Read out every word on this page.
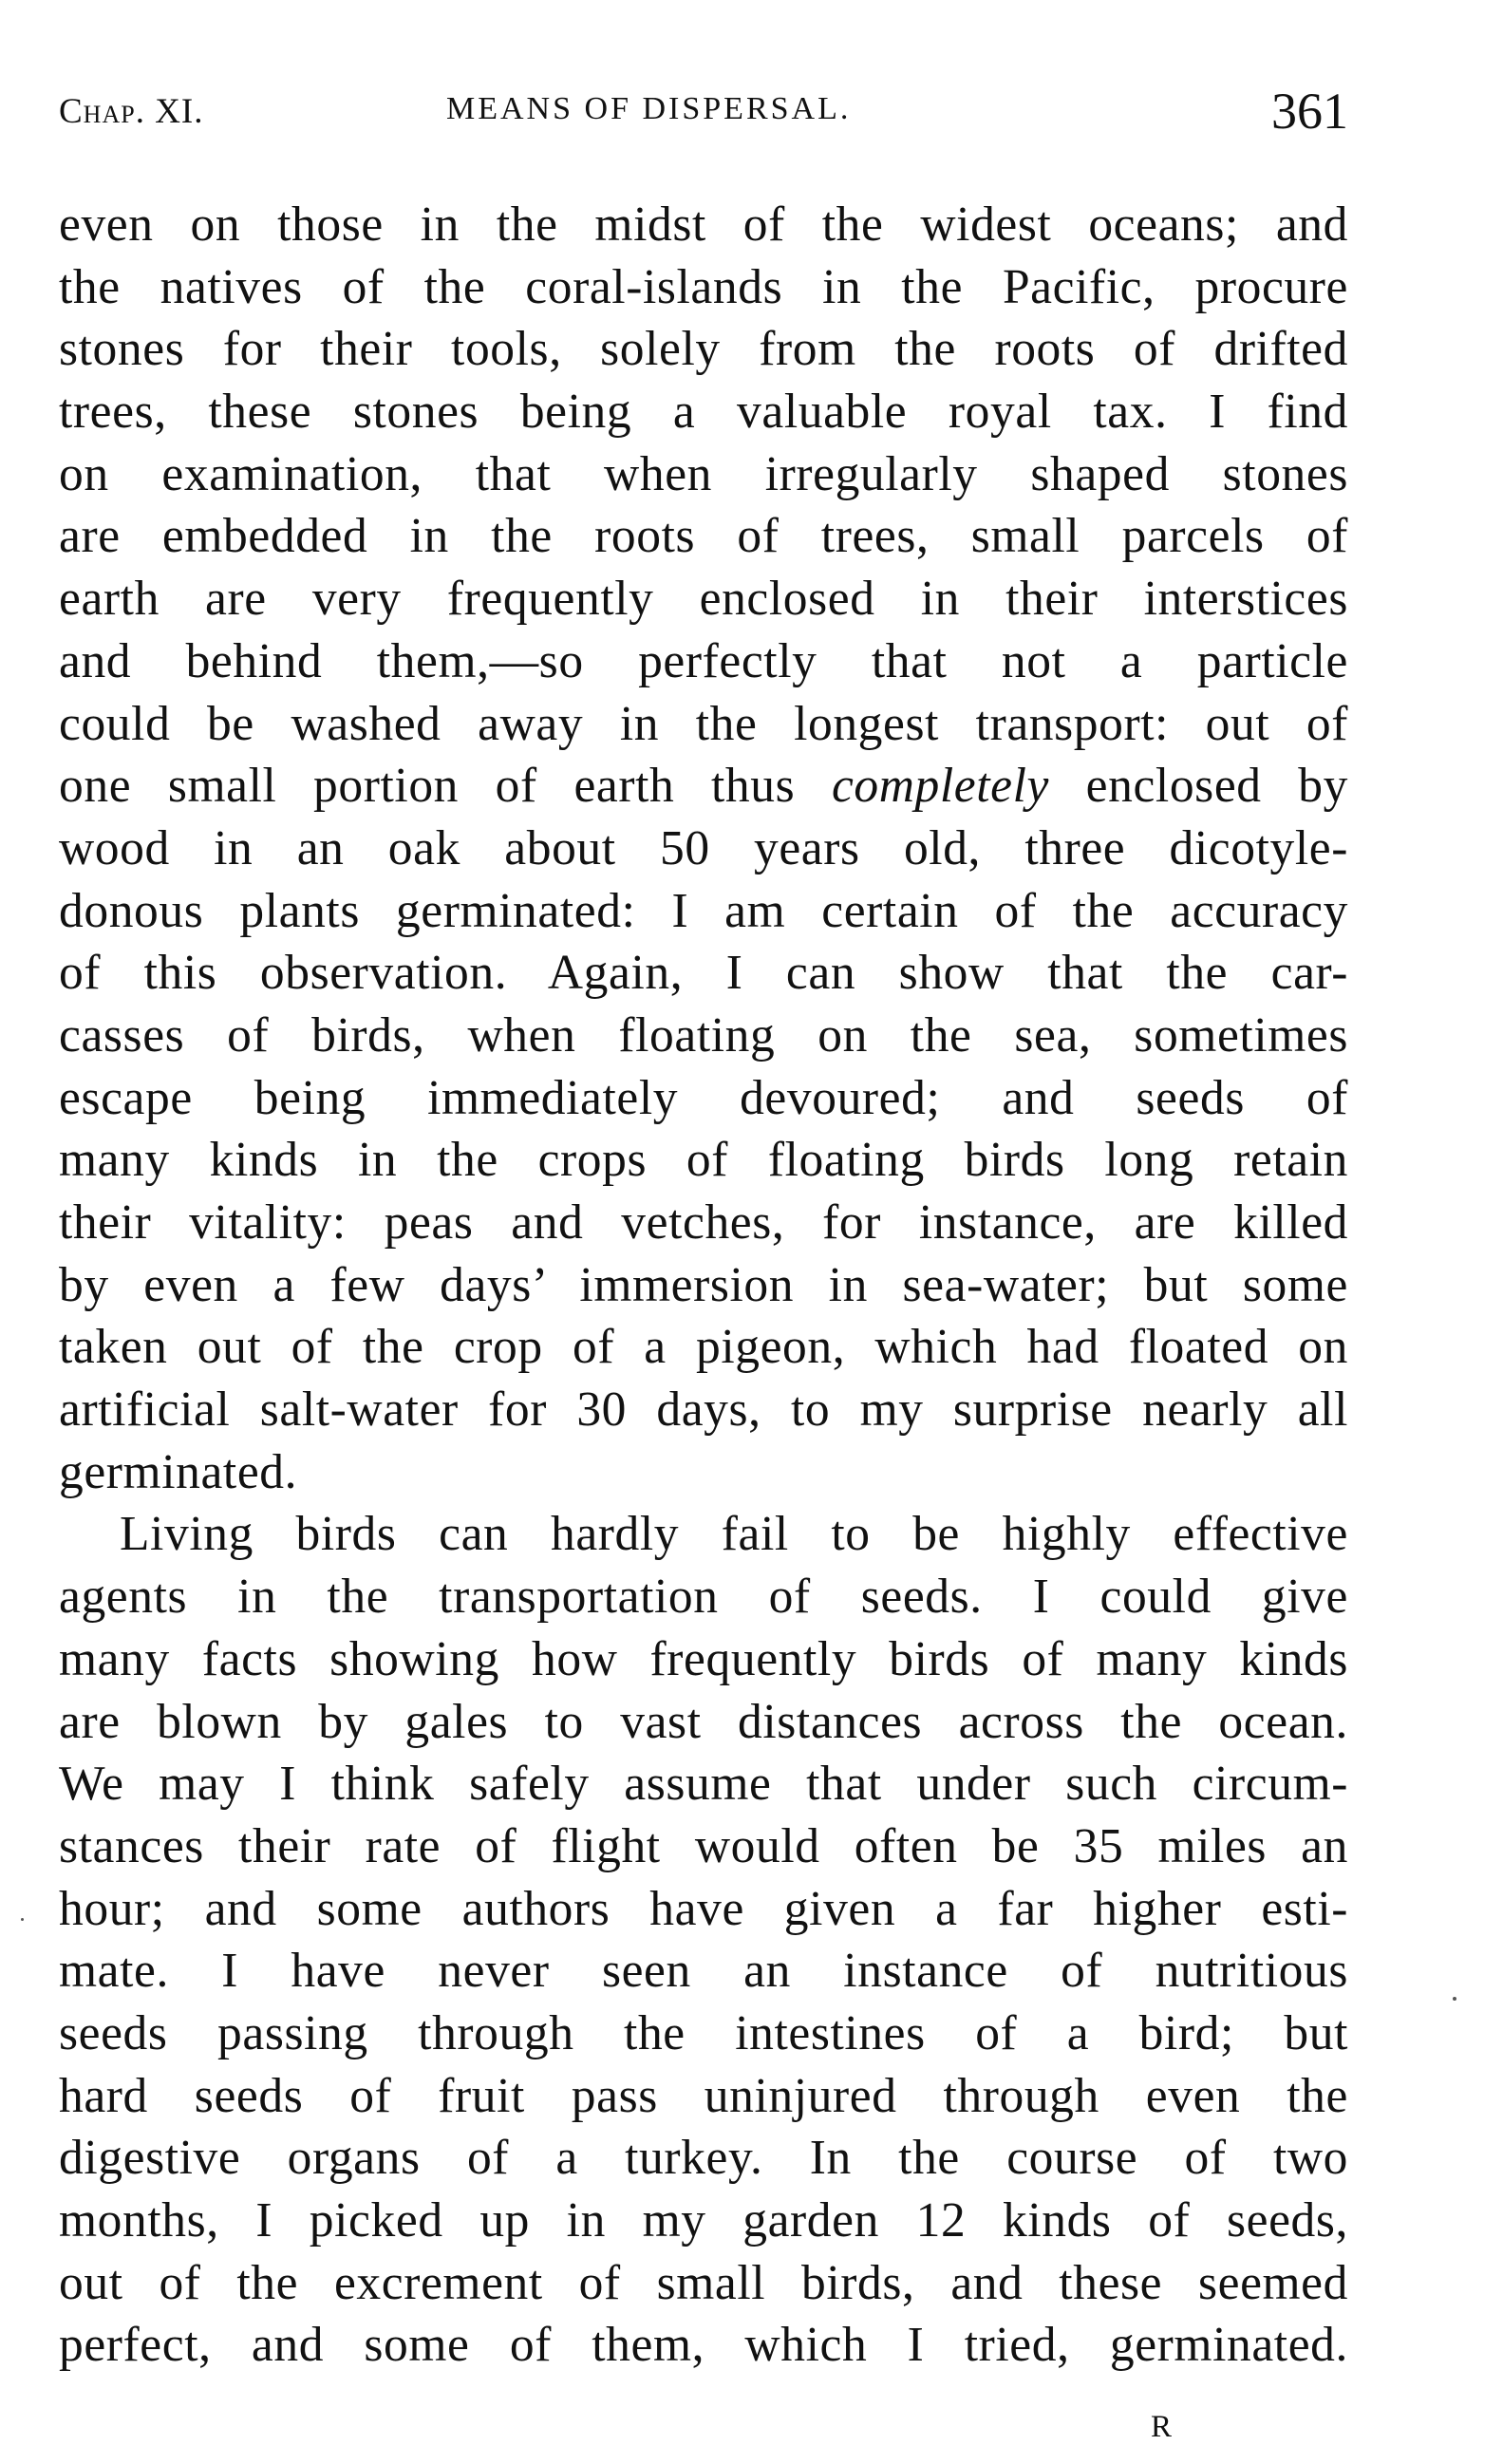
Chap. XI.	MEANS OF DISPERSAL.	361
even on those in the midst of the widest oceans; and
the natives of the coral-islands in the Pacific, procure
stones for their tools, solely from the roots of drifted
trees, these stones being a valuable royal tax. I find
on examination, that when irregularly shaped stones
are embedded in the roots of trees, small parcels of
earth are very frequently enclosed in their interstices
and behind them,—so perfectly that not a particle
could be washed away in the longest transport: out of
one small portion of earth thus completely enclosed by
wood in an oak about 50 years old, three dicotyle-
donous plants germinated: I am certain of the accuracy
of this observation. Again, I can show that the car-
casses of birds, when floating on the sea, sometimes
escape being immediately devoured; and seeds of
many kinds in the crops of floating birds long retain
their vitality: peas and vetches, for instance, are killed
by even a few days’ immersion in sea-water; but some
taken out of the crop of a pigeon, which had floated on
artificial salt-water for 30 days, to my surprise nearly all
germinated.
Living birds can hardly fail to be highly effective
agents in the transportation of seeds. I could give
many facts showing how frequently birds of many kinds
are blown by gales to vast distances across the ocean.
We may I think safely assume that under such circum-
stances their rate of flight would often be 35 miles an
hour; and some authors have given a far higher esti-
mate. I have never seen an instance of nutritious
seeds passing through the intestines of a bird; but
hard seeds of fruit pass uninjured through even the
digestive organs of a turkey. In the course of two
months, I picked up in my garden 12 kinds of seeds,
out of the excrement of small birds, and these seemed
perfect, and some of them, which I tried, germinated.
R
